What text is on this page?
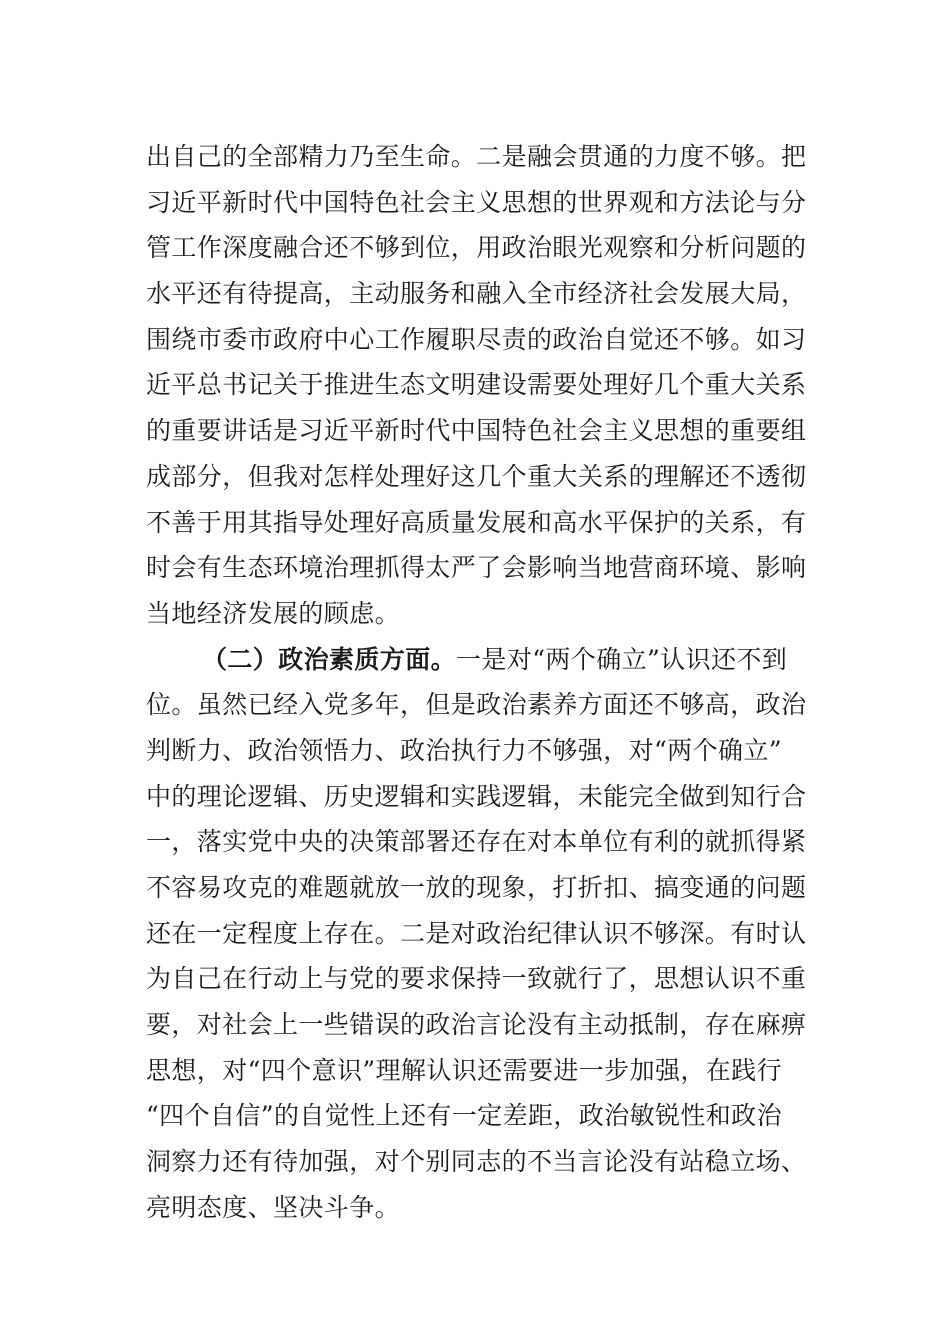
出自己的全部精力乃至生命。二是融会贯通的力度不够。把
习近平新时代中国特色社会主义思想的世界观和方法论与分
管工作深度融合还不够到位，用政治眼光观察和分析问题的
水平还有待提高，主动服务和融入全市经济社会发展大局，
围绕市委市政府中心工作履职尽责的政治自觉还不够。如习
近平总书记关于推进生态文明建设需要处理好几个重大关系
的重要讲话是习近平新时代中国特色社会主义思想的重要组
成部分，但我对怎样处理好这几个重大关系的理解还不透彻
不善于用其指导处理好高质量发展和高水平保护的关系，有
时会有生态环境治理抓得太严了会影响当地营商环境、影响
当地经济发展的顾虑。
（二）政治素质方面。一是对“两个确立”认识还不到
位。虽然已经入党多年，但是政治素养方面还不够高，政治
判断力、政治领悟力、政治执行力不够强，对“两个确立”
中的理论逻辑、历史逻辑和实践逻辑，未能完全做到知行合
一，落实党中央的决策部署还存在对本单位有利的就抓得紧
不容易攻克的难题就放一放的现象，打折扣、搞变通的问题
还在一定程度上存在。二是对政治纪律认识不够深。有时认
为自己在行动上与党的要求保持一致就行了，思想认识不重
要，对社会上一些错误的政治言论没有主动抵制，存在麻痹
思想，对“四个意识”理解认识还需要进一步加强，在践行
“四个自信”的自觉性上还有一定差距，政治敏锐性和政治
洞察力还有待加强，对个别同志的不当言论没有站稳立场、
亮明态度、坚决斗争。
